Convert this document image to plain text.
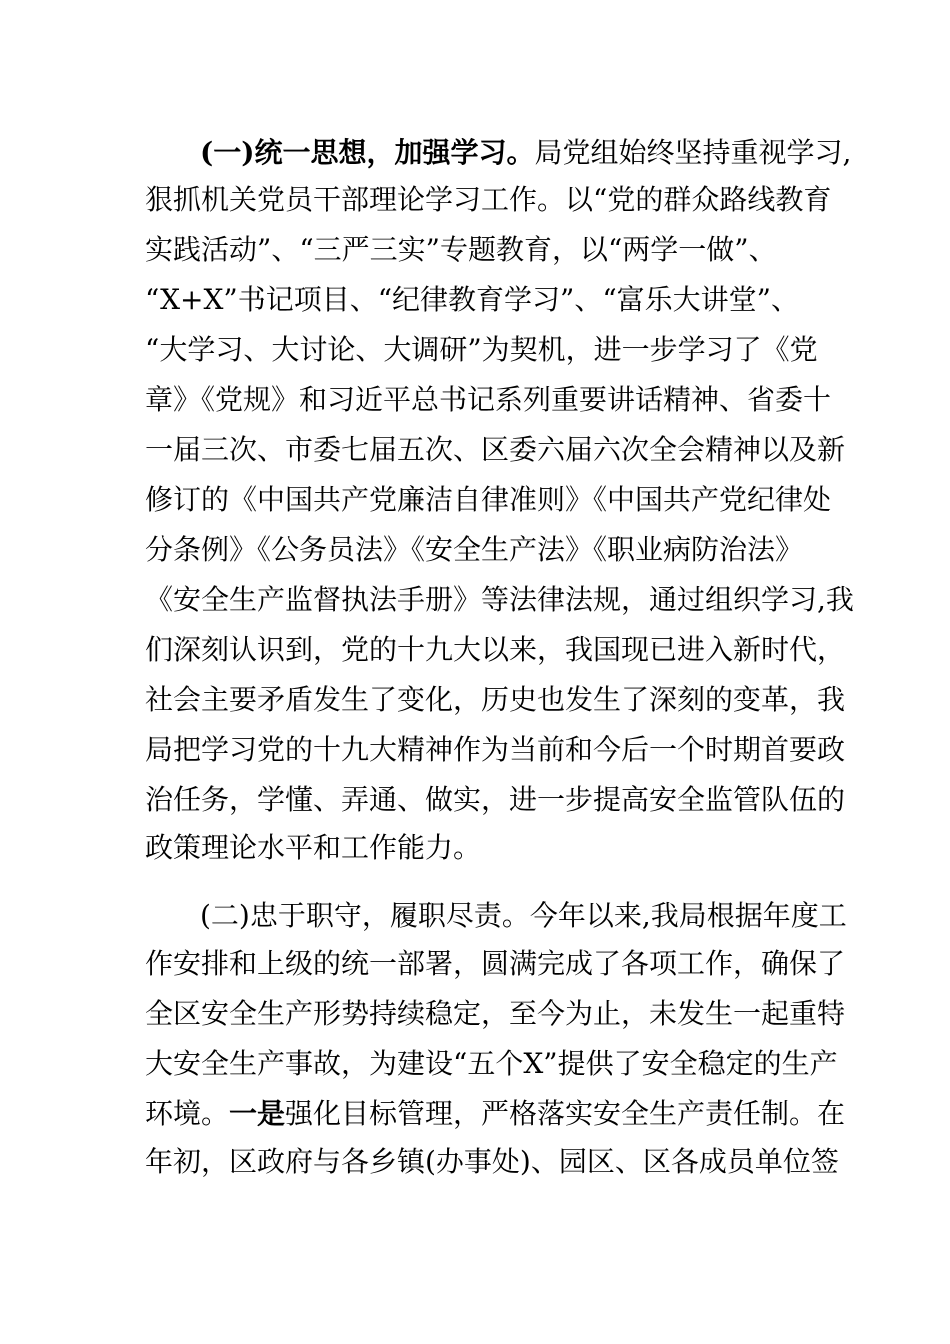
(一)统一思想，加强学习。局党组始终坚持重视学习,
狠抓机关党员干部理论学习工作。以“党的群众路线教育
实践活动”、“三严三实”专题教育，以“两学一做”、
“X+X”书记项目、“纪律教育学习”、“富乐大讲堂”、
“大学习、大讨论、大调研”为契机，进一步学习了《党
章》《党规》和习近平总书记系列重要讲话精神、省委十
一届三次、市委七届五次、区委六届六次全会精神以及新
修订的《中国共产党廉洁自律准则》《中国共产党纪律处
分条例》《公务员法》《安全生产法》《职业病防治法》
《安全生产监督执法手册》等法律法规，通过组织学习,我
们深刻认识到，党的十九大以来，我国现已进入新时代，
社会主要矛盾发生了变化，历史也发生了深刻的变革，我
局把学习党的十九大精神作为当前和今后一个时期首要政
治任务，学懂、弄通、做实，进一步提高安全监管队伍的
政策理论水平和工作能力。
(二)忠于职守，履职尽责。今年以来,我局根据年度工
作安排和上级的统一部署，圆满完成了各项工作，确保了
全区安全生产形势持续稳定，至今为止，未发生一起重特
大安全生产事故，为建设“五个X”提供了安全稳定的生产
环境。一是强化目标管理，严格落实安全生产责任制。在
年初，区政府与各乡镇(办事处)、园区、区各成员单位签
